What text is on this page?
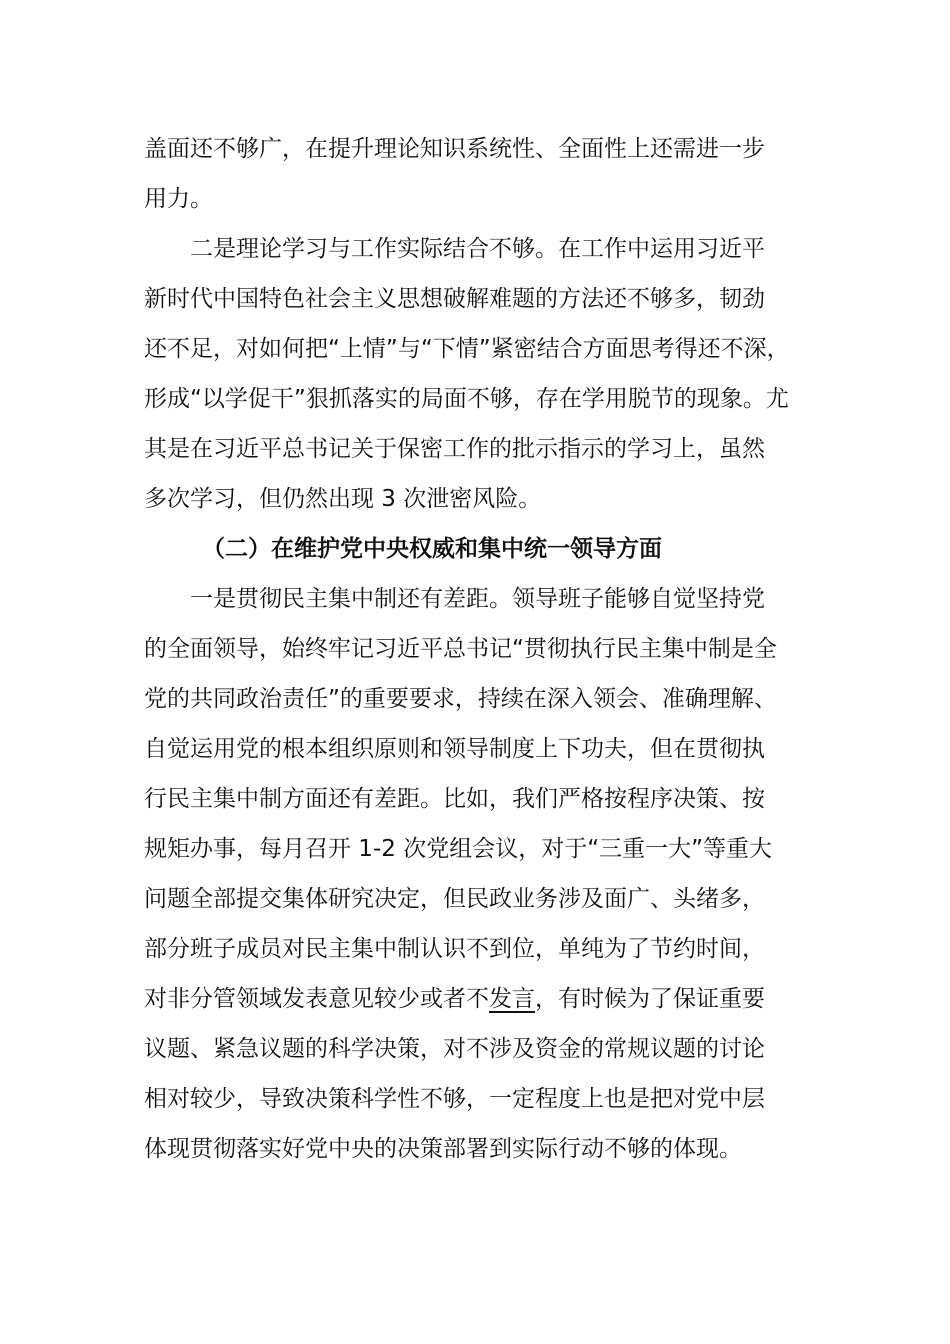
盖面还不够广，在提升理论知识系统性、全面性上还需进一步
用力。
二是理论学习与工作实际结合不够。在工作中运用习近平
新时代中国特色社会主义思想破解难题的方法还不够多，韧劲
还不足，对如何把“上情”与“下情”紧密结合方面思考得还不深，
形成“以学促干”狠抓落实的局面不够，存在学用脱节的现象。尤
其是在习近平总书记关于保密工作的批示指示的学习上，虽然
多次学习，但仍然出现 3 次泄密风险。
（二）在维护党中央权威和集中统一领导方面
一是贯彻民主集中制还有差距。领导班子能够自觉坚持党
的全面领导，始终牢记习近平总书记“贯彻执行民主集中制是全
党的共同政治责任”的重要要求，持续在深入领会、准确理解、
自觉运用党的根本组织原则和领导制度上下功夫，但在贯彻执
行民主集中制方面还有差距。比如，我们严格按程序决策、按
规矩办事，每月召开 1-2 次党组会议，对于“三重一大”等重大
问题全部提交集体研究决定，但民政业务涉及面广、头绪多，
部分班子成员对民主集中制认识不到位，单纯为了节约时间，
对非分管领域发表意见较少或者不发言，有时候为了保证重要
议题、紧急议题的科学决策，对不涉及资金的常规议题的讨论
相对较少，导致决策科学性不够，一定程度上也是把对党中层
体现贯彻落实好党中央的决策部署到实际行动不够的体现。
